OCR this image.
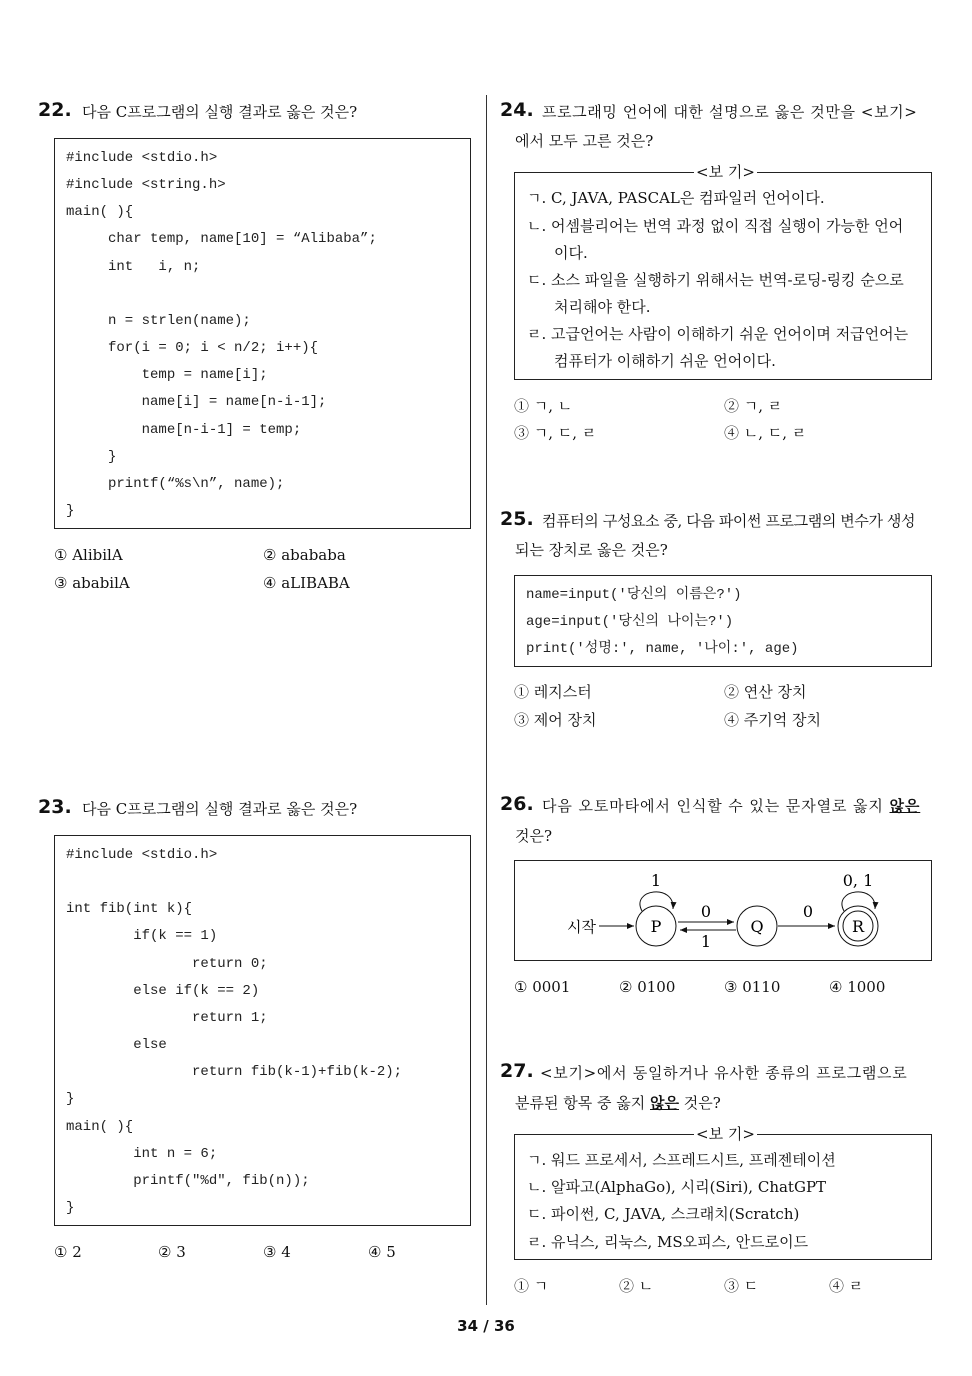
22. 다음 C프로그램의 실행 결과로 옳은 것은?
#include <stdio.h>
#include <string.h>
main( ){
char temp, name[10] = “Alibaba”;
int   i, n;
n = strlen(name);
for(i = 0; i < n/2; i++){
temp = name[i];
name[i] = name[n-i-1];
name[n-i-1] = temp;
}
printf(“%s\n”, name);
}
① AlibilA	② abababa
③ ababilA	④ aLIBABA
23. 다음 C프로그램의 실행 결과로 옳은 것은?
#include <stdio.h>
int fib(int k){
if(k == 1)
return 0;
else if(k == 2)
return 1;
else
return fib(k-1)+fib(k-2);
}
main( ){
int n = 6;
printf("%d", fib(n));
}
① 2	② 3	③ 4	④ 5
24. 프로그래밍 언어에 대한 설명으로 옳은 것만을 <보기>
에서 모두 고른 것은?
<보 기>
ㄱ. C, JAVA, PASCAL은 컴파일러 언어이다.
ㄴ. 어셈블리어는 번역 과정 없이 직접 실행이 가능한 언어
이다.
ㄷ. 소스 파일을 실행하기 위해서는 번역-로딩-링킹 순으로
처리해야 한다.
ㄹ. 고급언어는 사람이 이해하기 쉬운 언어이며 저급언어는
컴퓨터가 이해하기 쉬운 언어이다.
① ㄱ, ㄴ	② ㄱ, ㄹ
③ ㄱ, ㄷ, ㄹ	④ ㄴ, ㄷ, ㄹ
25. 컴퓨터의 구성요소 중, 다음 파이썬 프로그램의 변수가 생성
되는 장치로 옳은 것은?
name=input('당신의 이름은?')
age=input('당신의 나이는?')
print('성명:', name, '나이:', age)
① 레지스터	② 연산 장치
③ 제어 장치	④ 주기억 장치
26. 다음 오토마타에서 인식할 수 있는 문자열로 옳지 않은
것은?
시작	P
1
0
1
Q
0
R
0, 1
① 0001	② 0100	③ 0110	④ 1000
27. <보기>에서 동일하거나 유사한 종류의 프로그램으로
분류된 항목 중 옳지 않은 것은?
<보 기>
ㄱ. 워드 프로세서, 스프레드시트, 프레젠테이션
ㄴ. 알파고(AlphaGo), 시리(Siri), ChatGPT
ㄷ. 파이썬, C, JAVA, 스크래치(Scratch)
ㄹ. 유닉스, 리눅스, MS오피스, 안드로이드
① ㄱ	② ㄴ	③ ㄷ	④ ㄹ
34 / 36
